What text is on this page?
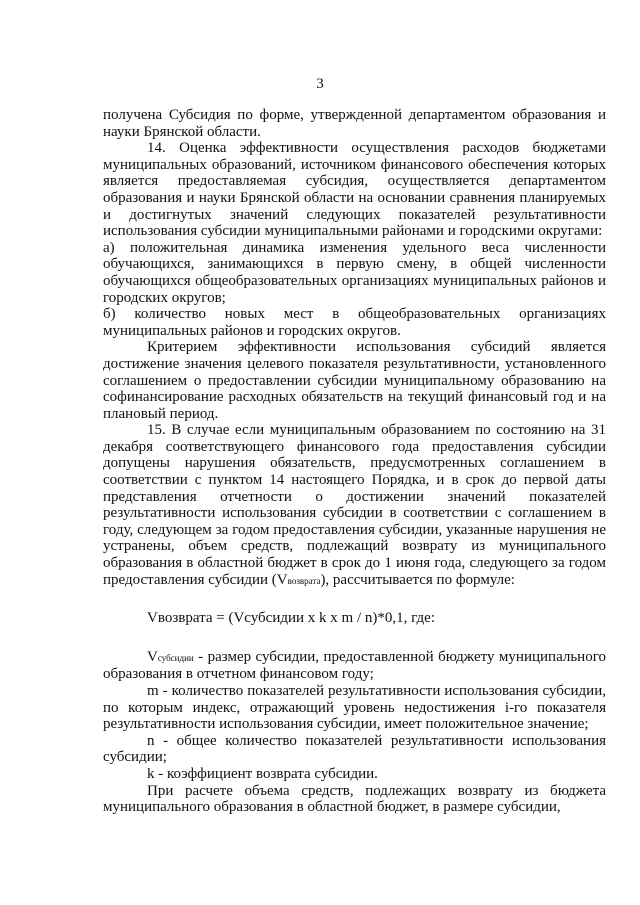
3

получена Субсидия по форме, утвержденной департаментом образования и науки Брянской области.

14. Оценка эффективности осуществления расходов бюджетами муниципальных образований, источником финансового обеспечения которых является предоставляемая субсидия, осуществляется департаментом образования и науки Брянской области на основании сравнения планируемых и достигнутых значений следующих показателей результативности использования субсидии муниципальными районами и городскими округами:

а) положительная динамика изменения удельного веса численности обучающихся, занимающихся в первую смену, в общей численности обучающихся общеобразовательных организациях муниципальных районов и городских округов;

б) количество новых мест в общеобразовательных организациях муниципальных районов и городских округов.

Критерием эффективности использования субсидий является достижение значения целевого показателя результативности, установленного соглашением о предоставлении субсидии муниципальному образованию на софинансирование расходных обязательств на текущий финансовый год и на плановый период.

15. В случае если муниципальным образованием по состоянию на 31 декабря соответствующего финансового года предоставления субсидии допущены нарушения обязательств, предусмотренных соглашением в соответствии с пунктом 14 настоящего Порядка, и в срок до первой даты представления отчетности о достижении значений показателей результативности использования субсидии в соответствии с соглашением в году, следующем за годом предоставления субсидии, указанные нарушения не устранены, объем средств, подлежащий возврату из муниципального образования в областной бюджет в срок до 1 июня года, следующего за годом предоставления субсидии (Vвозврата), рассчитывается по формуле:

Vвозврата = (Vсубсидии x k x m / n)*0,1, где:

Vсубсидии - размер субсидии, предоставленной бюджету муниципального образования в отчетном финансовом году;

m - количество показателей результативности использования субсидии, по которым индекс, отражающий уровень недостижения i-го показателя результативности использования субсидии, имеет положительное значение;

n - общее количество показателей результативности использования субсидии;

k - коэффициент возврата субсидии.

При расчете объема средств, подлежащих возврату из бюджета муниципального образования в областной бюджет, в размере субсидии,
